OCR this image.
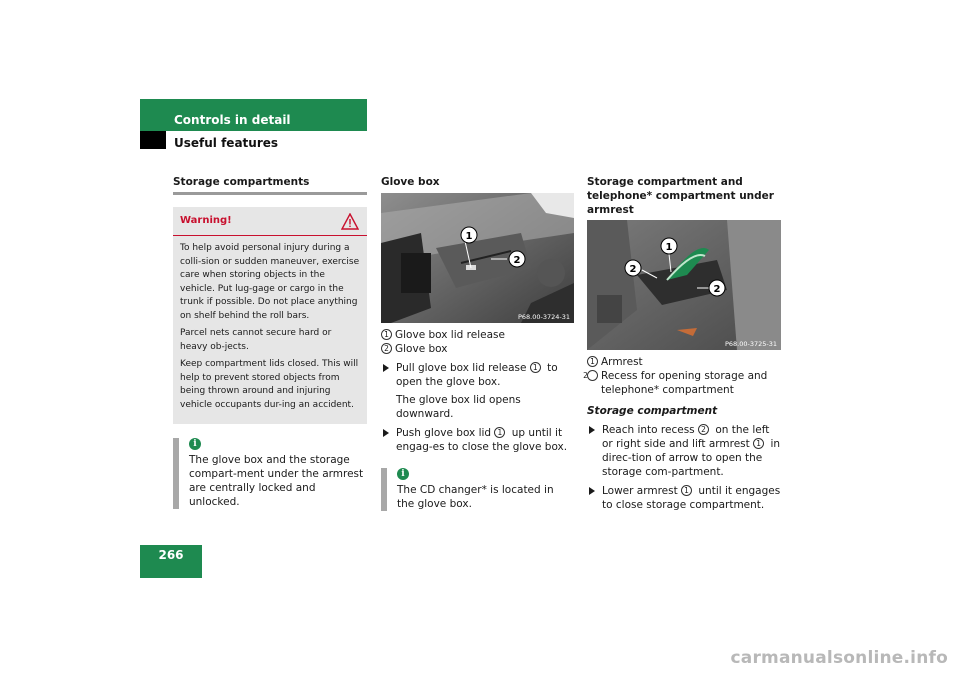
Controls in detail
Useful features
Storage compartments
Warning!

To help avoid personal injury during a colli-sion or sudden maneuver, exercise care when storing objects in the vehicle. Put lug-gage or cargo in the trunk if possible. Do not place anything on shelf behind the roll bars.

Parcel nets cannot secure hard or heavy ob-jects.

Keep compartment lids closed. This will help to prevent stored objects from being thrown around and injuring vehicle occupants dur-ing an accident.

i
The glove box and the storage compart-ment under the armrest are centrally locked and unlocked.
Glove box
1
2
P68.00-3724-31
1 Glove box lid release
2 Glove box
Pull glove box lid release 1 to open the glove box.
The glove box lid opens downward.
Push glove box lid 1 up until it engag-es to close the glove box.
i
The CD changer* is located in the glove box.
Storage compartment and telephone* compartment under armrest
1
2
2
P68.00-3725-31
1 Armrest
2 Recess for opening storage and telephone* compartment
Storage compartment
Reach into recess 2 on the left or right side and lift armrest 1 in direc-tion of arrow to open the storage com-partment.
Lower armrest 1 until it engages to close storage compartment.
266
carmanualsonline.info
